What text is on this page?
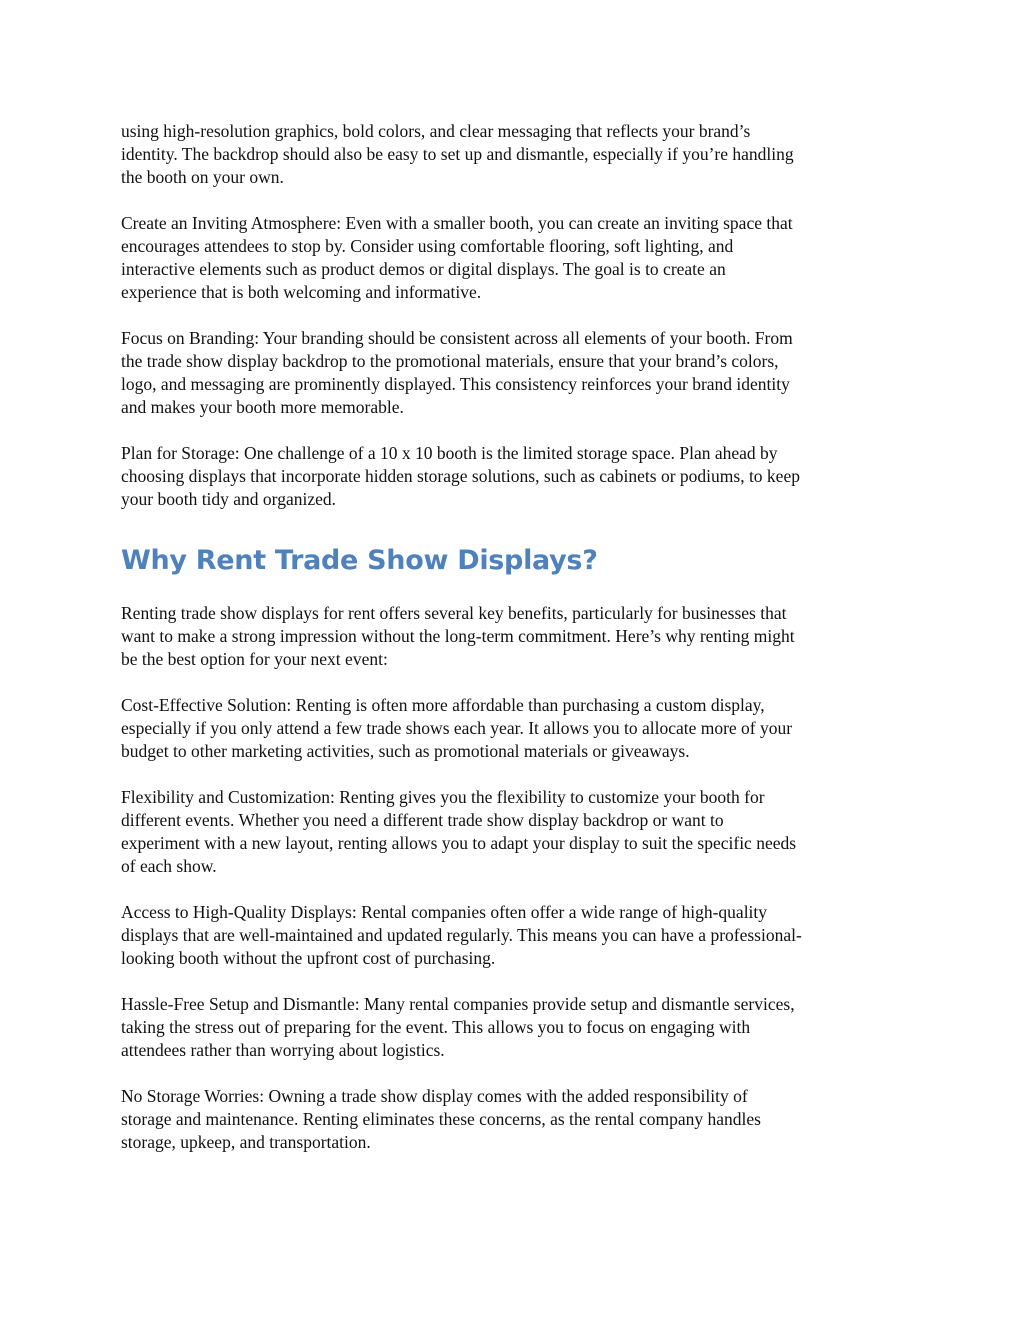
using high-resolution graphics, bold colors, and clear messaging that reflects your brand’s
identity. The backdrop should also be easy to set up and dismantle, especially if you’re handling
the booth on your own.

Create an Inviting Atmosphere: Even with a smaller booth, you can create an inviting space that
encourages attendees to stop by. Consider using comfortable flooring, soft lighting, and
interactive elements such as product demos or digital displays. The goal is to create an
experience that is both welcoming and informative.

Focus on Branding: Your branding should be consistent across all elements of your booth. From
the trade show display backdrop to the promotional materials, ensure that your brand’s colors,
logo, and messaging are prominently displayed. This consistency reinforces your brand identity
and makes your booth more memorable.

Plan for Storage: One challenge of a 10 x 10 booth is the limited storage space. Plan ahead by
choosing displays that incorporate hidden storage solutions, such as cabinets or podiums, to keep
your booth tidy and organized.

Why Rent Trade Show Displays?

Renting trade show displays for rent offers several key benefits, particularly for businesses that
want to make a strong impression without the long-term commitment. Here’s why renting might
be the best option for your next event:

Cost-Effective Solution: Renting is often more affordable than purchasing a custom display,
especially if you only attend a few trade shows each year. It allows you to allocate more of your
budget to other marketing activities, such as promotional materials or giveaways.

Flexibility and Customization: Renting gives you the flexibility to customize your booth for
different events. Whether you need a different trade show display backdrop or want to
experiment with a new layout, renting allows you to adapt your display to suit the specific needs
of each show.

Access to High-Quality Displays: Rental companies often offer a wide range of high-quality
displays that are well-maintained and updated regularly. This means you can have a professional-
looking booth without the upfront cost of purchasing.

Hassle-Free Setup and Dismantle: Many rental companies provide setup and dismantle services,
taking the stress out of preparing for the event. This allows you to focus on engaging with
attendees rather than worrying about logistics.

No Storage Worries: Owning a trade show display comes with the added responsibility of
storage and maintenance. Renting eliminates these concerns, as the rental company handles
storage, upkeep, and transportation.
